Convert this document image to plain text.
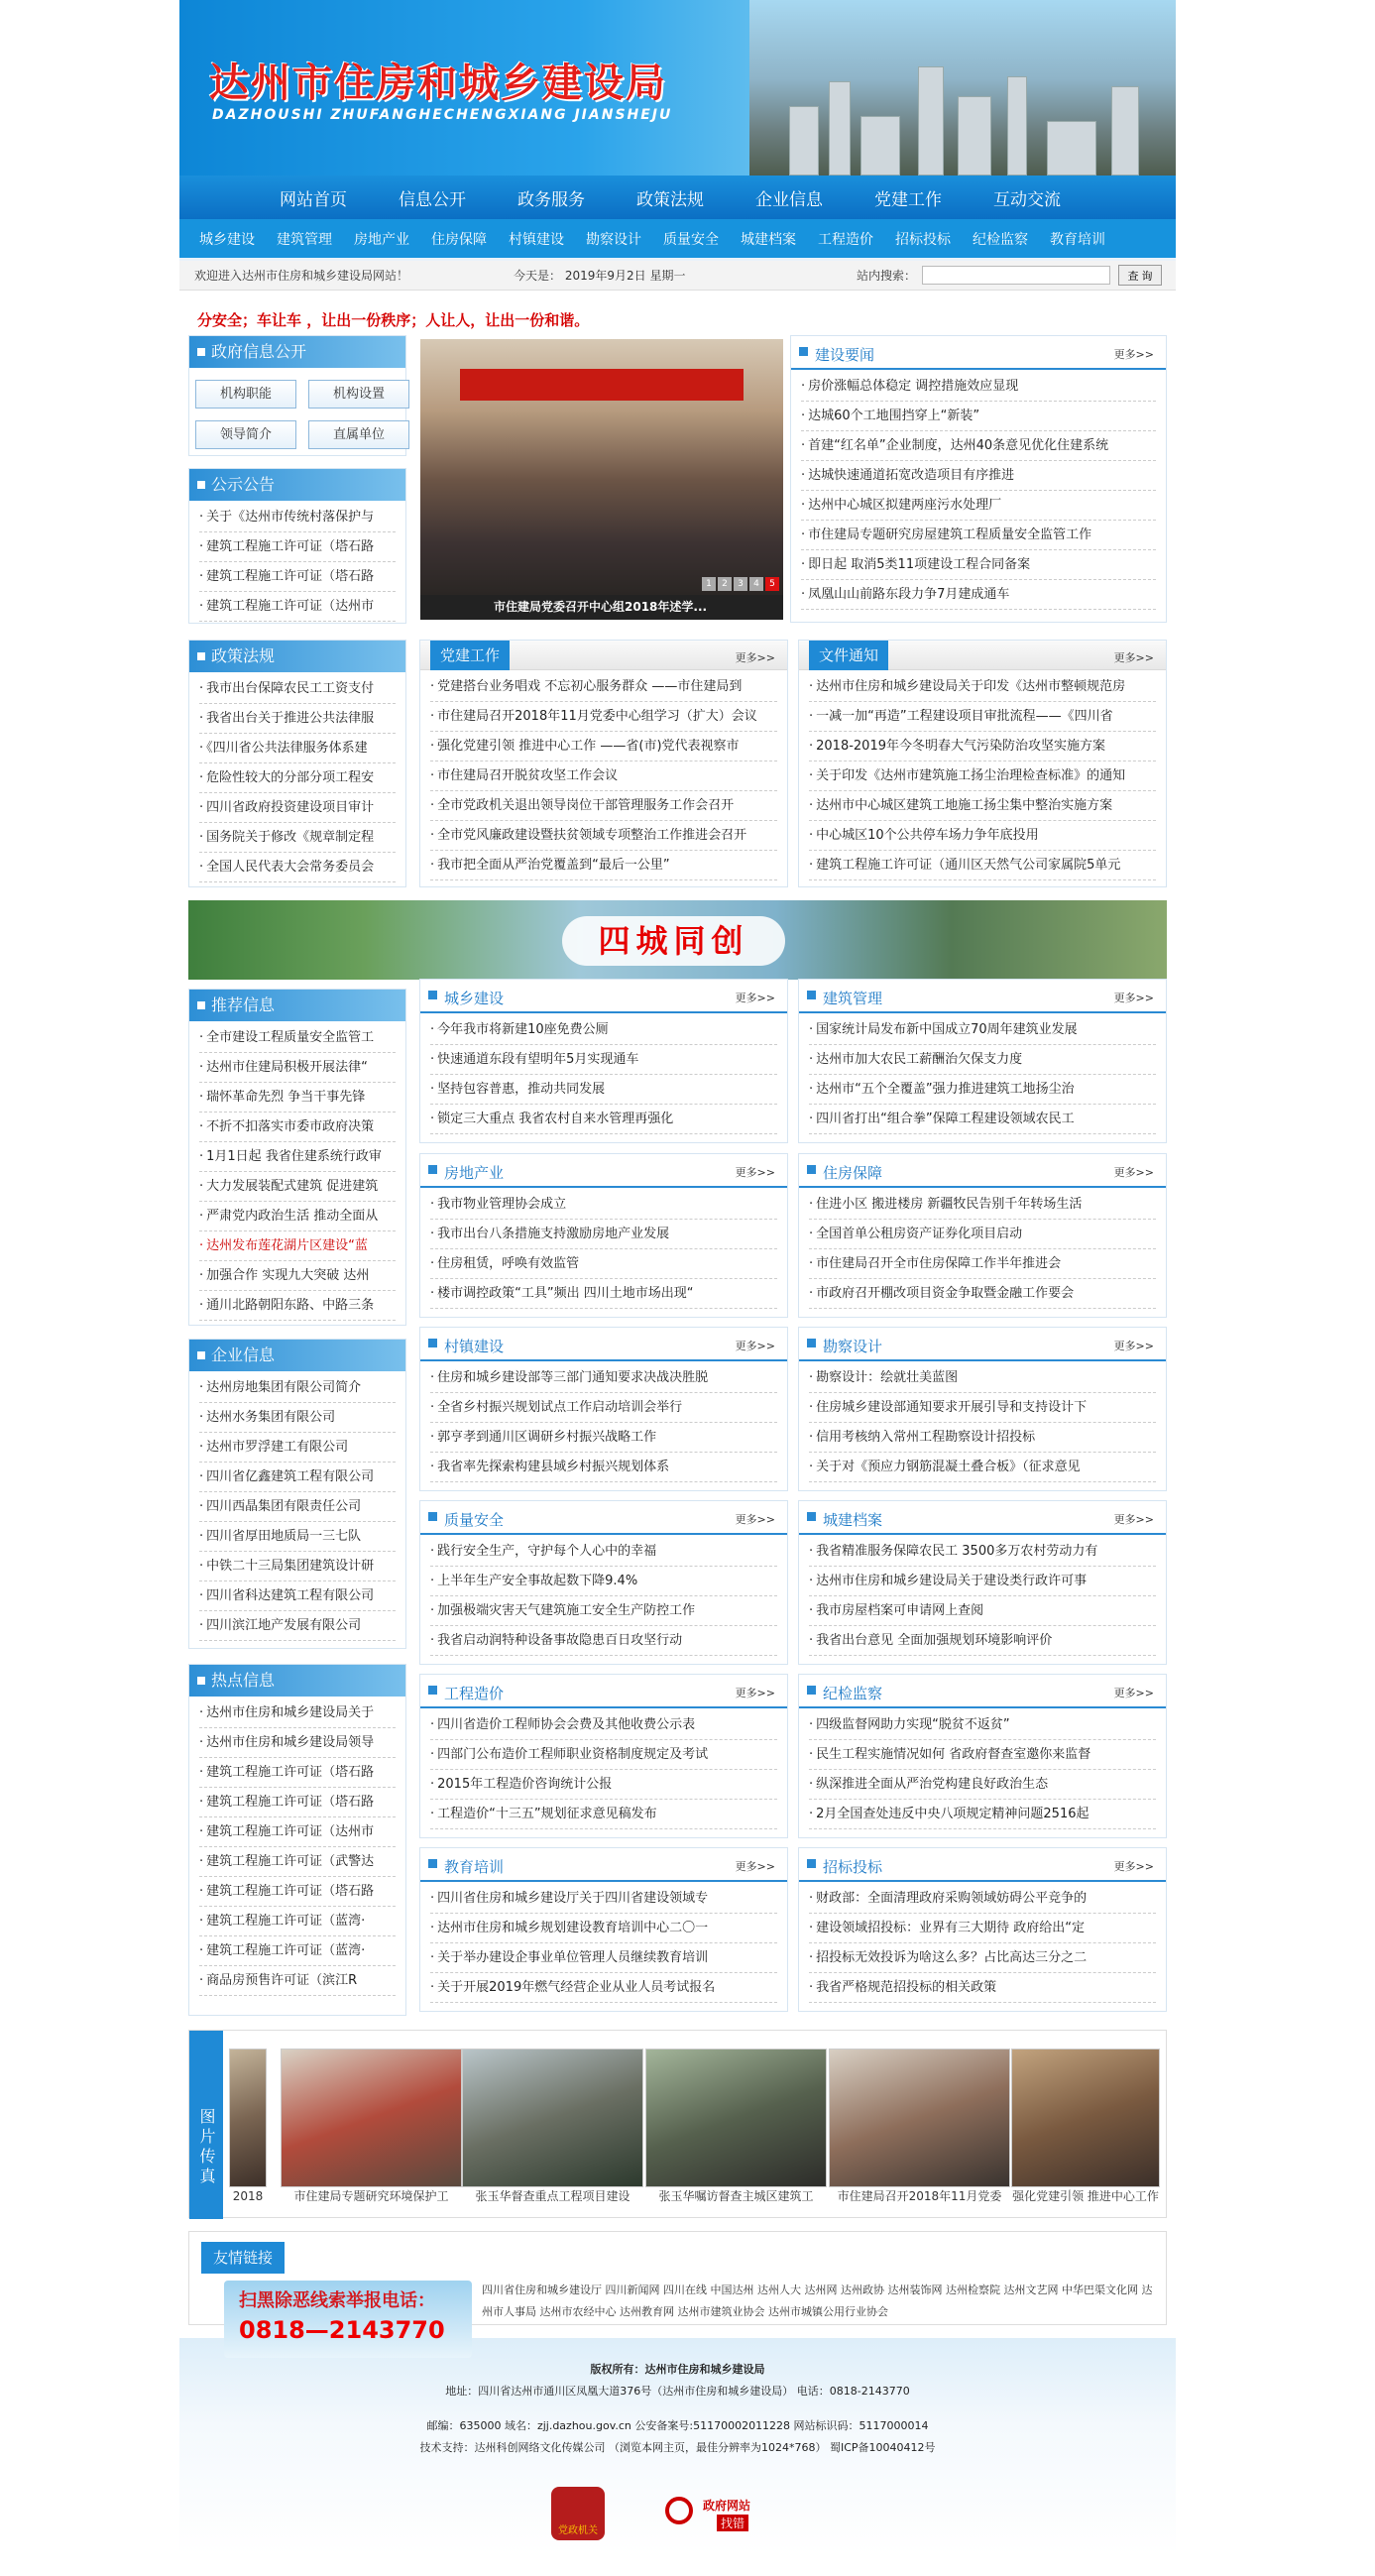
达州市住房和城乡建设局
DAZHOUSHI ZHUFANGHECHENGXIANG JIANSHEJU
网站首页	信息公开	政务服务	政策法规	企业信息	党建工作	互动交流
城乡建设	建筑管理	房地产业	住房保障	村镇建设	勘察设计	质量安全	城建档案	工程造价	招标投标	纪检监察	教育培训
欢迎进入达州市住房和城乡建设局网站！	今天是： 2019年9月2日 星期一	站内搜索：	查 询
分安全；车让车 ，让出一份秩序；人让人，让出一份和谐。
政府信息公开
机构职能	机构设置
领导简介	直属单位
公示公告
· 关于《达州市传统村落保护与
· 建筑工程施工许可证（塔石路
· 建筑工程施工许可证（塔石路
· 建筑工程施工许可证（达州市
政策法规
· 我市出台保障农民工工资支付
· 我省出台关于推进公共法律服
· 《四川省公共法律服务体系建
· 危险性较大的分部分项工程安
· 四川省政府投资建设项目审计
· 国务院关于修改《规章制定程
· 全国人民代表大会常务委员会
1	2	3	4	5
市住建局党委召开中心组2018年述学...
建设要闻	更多>>
· 房价涨幅总体稳定 调控措施效应显现
· 达城60个工地围挡穿上“新装”
· 首建“红名单”企业制度，达州40条意见优化住建系统
· 达城快速通道拓宽改造项目有序推进
· 达州中心城区拟建两座污水处理厂
· 市住建局专题研究房屋建筑工程质量安全监管工作
· 即日起 取消5类11项建设工程合同备案
· 凤凰山山前路东段力争7月建成通车
党建工作	更多>>
· 党建搭台业务唱戏 不忘初心服务群众 ——市住建局到
· 市住建局召开2018年11月党委中心组学习（扩大）会议
· 强化党建引领 推进中心工作 ——省(市)党代表视察市
· 市住建局召开脱贫攻坚工作会议
· 全市党政机关退出领导岗位干部管理服务工作会召开
· 全市党风廉政建设暨扶贫领域专项整治工作推进会召开
· 我市把全面从严治党覆盖到“最后一公里”
文件通知	更多>>
· 达州市住房和城乡建设局关于印发《达州市整顿规范房
· 一减一加“再造”工程建设项目审批流程——《四川省
· 2018-2019年今冬明春大气污染防治攻坚实施方案
· 关于印发《达州市建筑施工扬尘治理检查标准》的通知
· 达州市中心城区建筑工地施工扬尘集中整治实施方案
· 中心城区10个公共停车场力争年底投用
· 建筑工程施工许可证（通川区天然气公司家属院5单元
四城同创
推荐信息
· 全市建设工程质量安全监管工
· 达州市住建局积极开展法律“
· 瑞怀革命先烈 争当干事先锋
· 不折不扣落实市委市政府决策
· 1月1日起 我省住建系统行政审
· 大力发展装配式建筑 促进建筑
· 严肃党内政治生活 推动全面从
· 达州发布莲花湖片区建设“蓝
· 加强合作 实现九大突破 达州
· 通川北路朝阳东路、中路三条
企业信息
· 达州房地集团有限公司简介
· 达州水务集团有限公司
· 达州市罗浮建工有限公司
· 四川省亿鑫建筑工程有限公司
· 四川西晶集团有限责任公司
· 四川省厚田地质局一三七队
· 中铁二十三局集团建筑设计研
· 四川省科达建筑工程有限公司
· 四川滨江地产发展有限公司
热点信息
· 达州市住房和城乡建设局关于
· 达州市住房和城乡建设局领导
· 建筑工程施工许可证（塔石路
· 建筑工程施工许可证（塔石路
· 建筑工程施工许可证（达州市
· 建筑工程施工许可证（武警达
· 建筑工程施工许可证（塔石路
· 建筑工程施工许可证（蓝湾·
· 建筑工程施工许可证（蓝湾·
· 商品房预售许可证（滨江R
城乡建设	更多>>
· 今年我市将新建10座免费公厕
· 快速通道东段有望明年5月实现通车
· 坚持包容普惠，推动共同发展
· 锁定三大重点 我省农村自来水管理再强化
建筑管理	更多>>
· 国家统计局发布新中国成立70周年建筑业发展
· 达州市加大农民工薪酬治欠保支力度
· 达州市“五个全覆盖”强力推进建筑工地扬尘治
· 四川省打出“组合拳”保障工程建设领域农民工
房地产业	更多>>
· 我市物业管理协会成立
· 我市出台八条措施支持激励房地产业发展
· 住房租赁，呼唤有效监管
· 楼市调控政策“工具”频出 四川土地市场出现“
住房保障	更多>>
· 住进小区 搬进楼房 新疆牧民告别千年转场生活
· 全国首单公租房资产证券化项目启动
· 市住建局召开全市住房保障工作半年推进会
· 市政府召开棚改项目资金争取暨金融工作要会
村镇建设	更多>>
· 住房和城乡建设部等三部门通知要求决战决胜脱
· 全省乡村振兴规划试点工作启动培训会举行
· 郭亨孝到通川区调研乡村振兴战略工作
· 我省率先探索构建县域乡村振兴规划体系
勘察设计	更多>>
· 勘察设计：绘就壮美蓝图
· 住房城乡建设部通知要求开展引导和支持设计下
· 信用考核纳入常州工程勘察设计招投标
· 关于对《预应力钢筋混凝土叠合板》（征求意见
质量安全	更多>>
· 践行安全生产，守护每个人心中的幸福
· 上半年生产安全事故起数下降9.4%
· 加强极端灾害天气建筑施工安全生产防控工作
· 我省启动润特种设备事故隐患百日攻坚行动
城建档案	更多>>
· 我省精准服务保障农民工 3500多万农村劳动力有
· 达州市住房和城乡建设局关于建设类行政许可事
· 我市房屋档案可申请网上查阅
· 我省出台意见 全面加强规划环境影响评价
工程造价	更多>>
· 四川省造价工程师协会会费及其他收费公示表
· 四部门公布造价工程师职业资格制度规定及考试
· 2015年工程造价咨询统计公报
· 工程造价“十三五”规划征求意见稿发布
纪检监察	更多>>
· 四级监督网助力实现“脱贫不返贫”
· 民生工程实施情况如何 省政府督查室邀你来监督
· 纵深推进全面从严治党构建良好政治生态
· 2月全国查处违反中央八项规定精神问题2516起
教育培训	更多>>
· 四川省住房和城乡建设厅关于四川省建设领域专
· 达州市住房和城乡规划建设教育培训中心二〇一
· 关于举办建设企事业单位管理人员继续教育培训
· 关于开展2019年燃气经营企业从业人员考试报名
招标投标	更多>>
· 财政部：全面清理政府采购领域妨碍公平竞争的
· 建设领域招投标：业界有三大期待 政府给出“定
· 招投标无效投诉为啥这么多？占比高达三分之二
· 我省严格规范招投标的相关政策
图片传真
2018	市住建局专题研究环境保护工	张玉华督查重点工程项目建设	张玉华嘱访督查主城区建筑工	市住建局召开2018年11月党委 强化党建引领 推进中心工作
友情链接
四川省住房和城乡建设厅 四川新闻网 四川在线 中国达州 达州人大 达州网 达州政协 达州装饰网 达州检察院 达州文艺网 中华巴渠文化网 达州市人事局 达州市农经中心 达州教育网 达州市建筑业协会 达州市城镇公用行业协会

版权所有：达州市住房和城乡建设局

地址：四川省达州市通川区凤凰大道376号（达州市住房和城乡建设局） 电话：0818-2143770

邮编：635000 域名：zjj.dazhou.gov.cn 公安备案号:51170002011228 网站标识码：5117000014

技术支持：达州科创网络文化传媒公司 （浏览本网主页，最佳分辨率为1024*768） 蜀ICP备10040412号

党政机关
政府网站
找错
扫黑除恶线索举报电话：
0818—2143770
